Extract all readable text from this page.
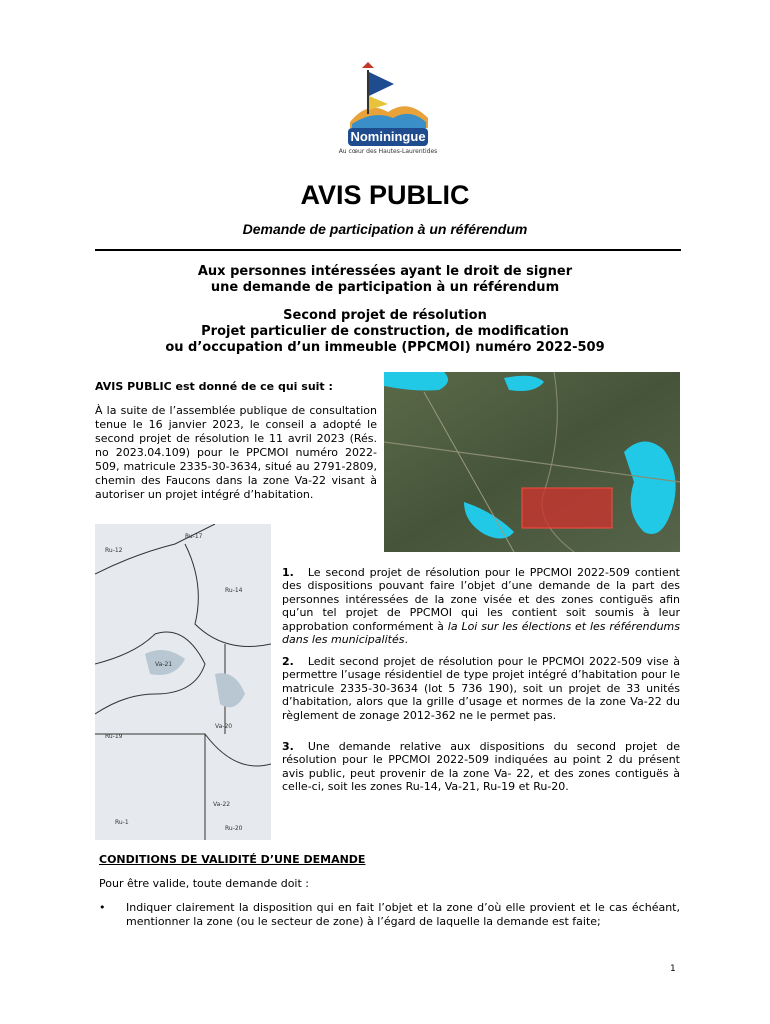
Nominingue
Au cœur des Hautes-Laurentides
AVIS PUBLIC
Demande de participation à un référendum
Aux personnes intéressées ayant le droit de signer
une demande de participation à un référendum
Second projet de résolution
Projet particulier de construction, de modification
ou d’occupation d’un immeuble (PPCMOI) numéro 2022-509
AVIS PUBLIC est donné de ce qui suit :
À la suite de l’assemblée publique de consultation tenue le 16 janvier 2023, le conseil a adopté le second projet de résolution le 11 avril 2023 (Rés. no 2023.04.109) pour le PPCMOI numéro 2022-509, matricule 2335-30-3634, situé au 2791-2809, chemin des Faucons dans la zone Va-22 visant à autoriser un projet intégré d’habitation.
Ru-12
Ru-17
Ru-14
Va-21
Ru-19
Va-20
Va-22
Ru-20
Ru-1
1. Le second projet de résolution pour le PPCMOI 2022-509 contient des dispositions pouvant faire l’objet d’une demande de la part des personnes intéressées de la zone visée et des zones contiguës afin qu’un tel projet de PPCMOI qui les contient soit soumis à leur approbation conformément à la Loi sur les élections et les référendums dans les municipalités.
2. Ledit second projet de résolution pour le PPCMOI 2022-509 vise à permettre l’usage résidentiel de type projet intégré d’habitation pour le matricule 2335-30-3634 (lot 5 736 190), soit un projet de 33 unités d’habitation, alors que la grille d’usage et normes de la zone Va-22 du règlement de zonage 2012-362 ne le permet pas.
3. Une demande relative aux dispositions du second projet de résolution pour le PPCMOI 2022-509 indiquées au point 2 du présent avis public, peut provenir de la zone Va- 22, et des zones contiguës à celle-ci, soit les zones Ru-14, Va-21, Ru-19 et Ru-20.
CONDITIONS DE VALIDITÉ D’UNE DEMANDE
Pour être valide, toute demande doit :
• Indiquer clairement la disposition qui en fait l’objet et la zone d’où elle provient et le cas échéant, mentionner la zone (ou le secteur de zone) à l’égard de laquelle la demande est faite;
1
